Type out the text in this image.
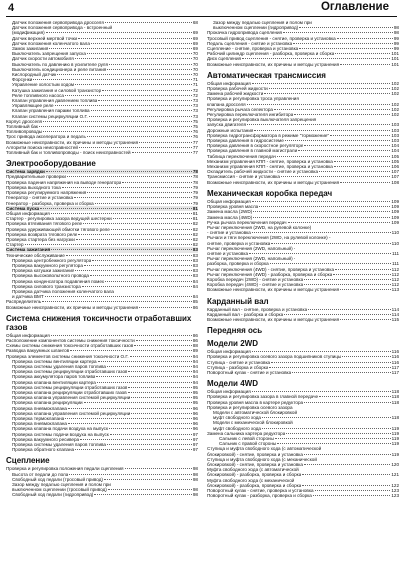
4	Оглавление
Датчик положения сервопривода дросселя	68
Датчик положения сервопривода - встроенный
(модификация)	69
Датчик верхней мертвой точки	69
Датчик положения коленчатого вала	69
Замок зажигания	69
Выключатель запрещения запуска	70
Датчик скорости автомобиля	70
Выключатель по давлению в усилителе руля	70
Выключатель кондиционера и реле питания	70
Кислородный датчик	70
Форсунки	71
Управление холостым ходом	71
Катушка зажигания и силовой транзистор	72
Реле топливного насоса	72
Клапан управления давлением топлива	73
Управляющее реле	73
Клапан управления парами топлива	73
Клапан системы рециркуляции О.Г.	73
Корпус дросселя	75
Топливный бак	75
Топливопроводы	76
Трос привода акселератора и педаль	76
Возможные неисправности, их причины и методы устранения	77
Алгоритм поиска неисправностей	77
Топливный бак и топливопроводы - поиск неисправностей	77
Электрооборудование
Система зарядки	78
Предварительные проверки	78
Проверка падения напряжения на выводе генератора	78
Проверка выходного тока	79
Проверка регулируемого напряжения	79
Генератор - снятие и установка	79
Генератор - разборка, проверка и сборка	79
Система пуска	81
Общая информация	81
Стартер - регулировка зазора ведущей шестерни	81
Проверка втягивания тягового реле	82
Проверка удерживающей обмотки тягового реле	82
Проверка возврата тягового реле	82
Проверка стартера без нагрузки	82
Стартер	82
Система зажигания	83
Технические обслуживание	83
Проверка центробежного регулятора	83
Проверка вакуумного регулятора	83
Проверка катушки зажигания	83
Проверка высоковольтного провода	83
Проверка конденсатора подавления помех	84
Проверка силового транзистора	84
Проверка датчика положения коленчатого вала
и датчика ВМТ	84
Распределитель	85
Возможные неисправности, их причины и методы устранения	86
Система снижения токсичности отработавших газов
Общая информация	86
Расположение компонентов системы снижения токсичности	86
Схемы системы снижения токсичности отработавших газов	88
Разводка вакуумных шлангов	89
Проверка элементов системы снижения токсичности О.Г.	94
Проверка системы вентиляции картера	94
Проверка системы удаления паров топлива	94
Проверка системы рециркуляции отработавших газов	94
Проверка аккумулятора паров топлива	94
Проверка клапана вентиляции картера	94
Проверка системы рециркуляции отработавших газов	95
Проверка клапана рециркуляции отработавших газов	95
Проверка клапана управления системой рециркуляции	95
Проверка клапана рециркуляции	95
Проверка пневмоклапана	96
Проверка клапана управления системой рециркуляции	96
Проверка термоклапана	96
Проверка пневмоклапана	96
Проверка клапана подачи воздуха на выпуск	96
Проверка системы подачи воздуха на выпуск	97
Проверка вакуумного ресивера	97
Проверка системы удаления паров топлива	97
Проверка обратного клапана	97
Сцепление
Проверка и регулировка положения педали сцепления	98
Высота от педали до пола	98
Свободный ход педали (тросовый привод)	98
Зазор между педалью сцепления и полом при
выключенном сцеплении (тросовый привод)	98
Свободный ход педали (гидропривод)	98
Зазор между педалью сцепления и полом при
выключенном сцеплении (гидропривод)	98
Прокачка гидропривода сцепления	98
Тросовый привод сцепления - снятие, проверка и установка	99
Педаль сцепления - снятие и установка	99
Сцепление - снятие, проверка и установка	99
Рабочий цилиндр сцепления - разборка, проверка и сборка	101
Диск сцепления	101
Возможные неисправности, их причины и методы устранения	101
Автоматическая трансмиссия
Общая информация	102
Проверка рабочей жидкости	102
Замена рабочей жидкости	102
Проверка и регулировка троса управления
клапана дросселя	102
Регулировка рычага селектора	102
Регулировка переключателя ингибитора	102
Проверка и регулировка выключателя запрещения
запуска двигателя	103
Дорожные испытания	103
Проверка гидротрансформатора в режиме "торможение"	103
Проверка давления в гидросистеме	103
Проверка давления в скоростное регуляторе	104
Проверка давления в главной магистрали	104
Таблица переключения передач	105
Механизм управления КПП - снятие, проверка и установка	105
Механизм управления КПП - снятие, проверка и установка	106
Охладитель рабочей жидкости - снятие и установка	107
Трансмиссия - снятие и установка	107
Возможные неисправности, их причины и методы устранения	108
Механическая коробка передач
Общая информация	109
Проверка уровня масла	109
Замена масла (2WD)	109
Замена масла (4WD)	109
Ручка рычага переключения передач	109
Рычаг переключения (2WD, на рулевой колонке)
- снятие и установка	110
Рычаги и тяги переключения (2WD, на рулевой колонке) -
снятие, проверка и установка	110
Рычаг переключения (2WD, напольный) -
снятие и установка	111
Рычаг переключения (2WD, напольный) -
разборка, проверка и сборка	111
Рычаг переключения (4WD) - снятие, проверка и установка	112
Рычаг переключения (4WD) - разборка, проверка и сборка	112
Коробка передач (2WD) - снятие и установка	112
Коробка передач (4WD) - снятие и установка	112
Возможные неисправности, их причины и методы устранения	113
Карданный вал
Карданный вал - снятие, проверка и установка	114
Карданный вал - разборка и сборка	114
Возможные неисправности, их причины и методы устранения	115
Передняя ось
Модели 2WD
Общая информация	116
Проверка и регулировка осевого зазора подшипников ступицы	116
Ступица - снятие и установка	116
Ступица - разборка и сборка	117
Поворотный кулак - снятие и установка	117
Модели 4WD
Общая информация	118
Проверка и регулировка зазора в главной передаче	118
Проверка уровня масла в картере редуктора	118
Проверка и регулировка осевого зазора
Модели с автоматической блокировкой
муфт свободного хода	118
Модели с механической блокировкой
муфт свободного хода	119
Замена сальника картера редуктора	119
Сальник с левой стороны	119
Сальник с правой стороны	119
Ступица и муфта свободного хода (с автоматической
блокировкой) - снятие, проверка и установка	119
Ступица и муфта свободного хода (с механической
блокировкой) - снятие, проверка и установка	120
Муфта свободного хода (с автоматической
блокировкой) - разборка, проверка и сборка	121
Муфта свободного хода (с механической
блокировкой) - разборка, проверка и сборка	122
Поворотный кулак - снятие, проверка и установка	123
Поворотный кулак - разборка, проверка и сборка	123
